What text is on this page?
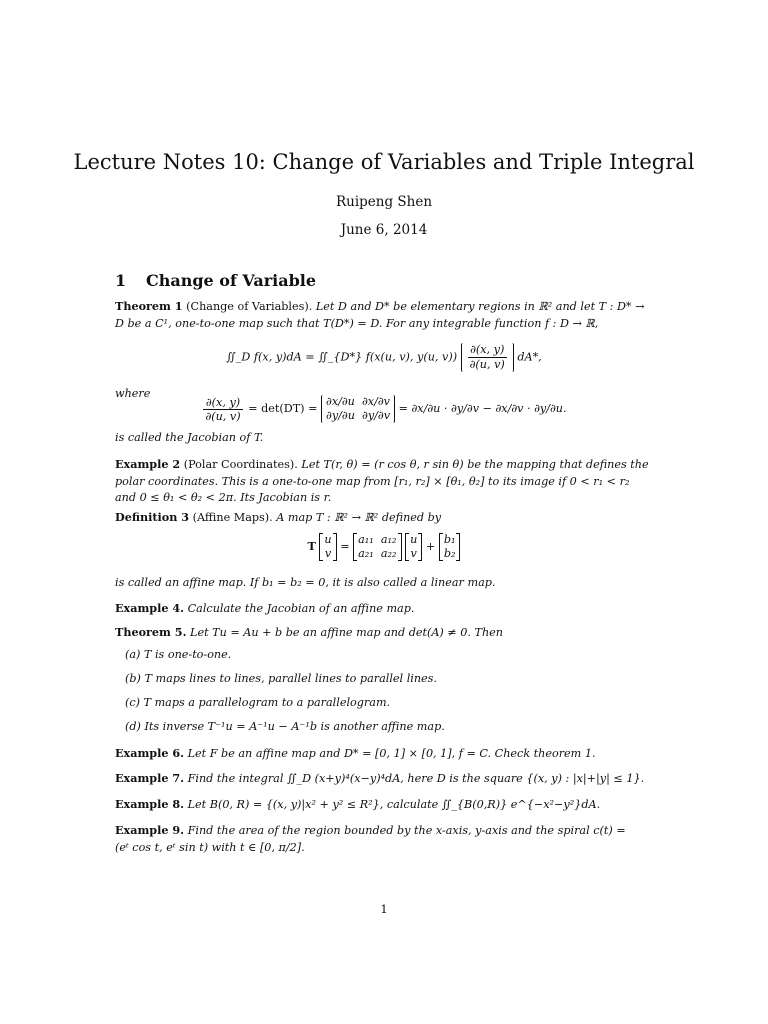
Lecture Notes 10: Change of Variables and Triple Integral
Ruipeng Shen
June 6, 2014
1 Change of Variable
Theorem 1 (Change of Variables). Let D and D* be elementary regions in ℝ² and let T : D* →
D be a C¹, one-to-one map such that T(D*) = D. For any integrable function f : D → ℝ,
∬_D f(x, y)dA = ∬_{D*} f(x(u, v), y(u, $v)) \frac{\partial(x, y)}{\partial(u, v)} dA*$,
where
$\frac{\partial(x, y)}{\partial(u, v)} = \det(DT) = \partial x/\partial u$ ∂x/∂v
∂y/∂u ∂y/∂v = ∂x/∂u · ∂y/∂v − ∂x/∂v · ∂y/∂u.
is called the Jacobian of T.
Example 2 (Polar Coordinates). Let T(r, θ) = (r cos θ, r sin θ) be the mapping that defines the
polar coordinates. This is a one-to-one map from [r₁, r₂] × [θ₁, θ₂] to its image if 0 < r₁ < r₂
and 0 ≤ θ₁ < θ₂ < 2π. Its Jacobian is r.
Definition 3 (Affine Maps). A map T : ℝ² → ℝ² defined by
T u
v = a₁₁ a₁₂
a₂₁ a₂₂ u
v + b₁
b₂
is called an affine map. If b₁ = b₂ = 0, it is also called a linear map.
Example 4. Calculate the Jacobian of an affine map.
Theorem 5. Let Tu = Au + b be an affine map and det(A) ≠ 0. Then
(a) T is one-to-one.
(b) T maps lines to lines, parallel lines to parallel lines.
(c) T maps a parallelogram to a parallelogram.
(d) Its inverse T⁻¹u = A⁻¹u − A⁻¹b is another affine map.
Example 6. Let F be an affine map and D* = [0, 1] × [0, 1], f = C. Check theorem 1.
Example 7. Find the integral ∬_D (x+y)⁴(x−y)⁴dA, here D is the square {(x, y) : |x|+|y| ≤ 1}.
Example 8. Let B(0, R) = {(x, y)|x² + y² ≤ R²}, calculate ∬_{B(0,R)} e^{−x²−y²}dA.
Example 9. Find the area of the region bounded by the x-axis, y-axis and the spiral c(t) =
(eᵗ cos t, eᵗ sin t) with t ∈ [0, π/2].
1
